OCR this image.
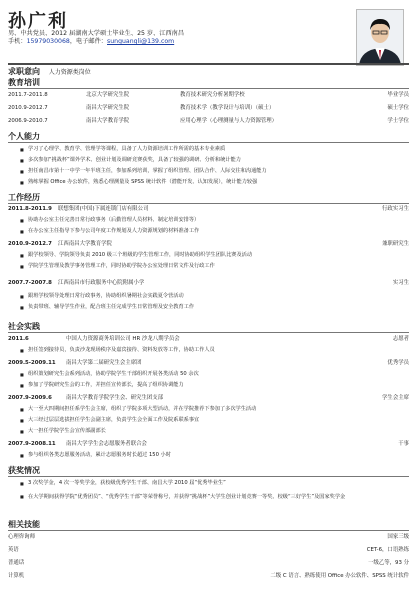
孙广利
男、中共党员、2012 届湖南大学硕士毕业生、25 岁、江西南昌
手机：15979030068，电子邮件：sunguangli@139.com
求职意向 人力资源类岗位
教育培训
2011.7-2011.8	北京大学研究生院	教育技术研究分析暑期学校	毕业学员
2010.9-2012.7	南昌大学研究生院	教育技术学（教学设计与培训）（硕士）	硕士学位
2006.9-2010.7	南昌大学教育学院	应用心理学（心理测量与人力资源管理）	学士学位
个人能力
■ 学习了心理学、教育学、管理学等课程，具备了人力资源培训工作所需的基本专业素质
■ 多次参加“挑战杯”课外学术、创业计划及调研竞赛获奖，具备了较强的调研、分析和统计能力
■ 担任南昌市第十一中学一年半班主任，参加系列培训，掌握了组织管理、团队合作、人际交往和沟通能力
■ 熟练掌握 Office 办公软件，熟悉心理测量及 SPSS 统计软件（潜能开发、认知发展），统计能力较强
工作经历
2011.8-2011.9 联想集团(中国)下属连锁门店有限公司	行政实习生
■ 协助办公室主任完善日常行政事务（后勤管理人员材料、制定培训安排等）
■ 在办公室主任指导下参与公司年度工作规划及人力资源规划的材料准备工作
2010.9-2012.7 江西南昌大学教育学院	兼职研究生
■ 跟学校领导、学院领导负责 2010 级三个班级的学生管理工作，同时协助组织学生团队比赛及活动
■ 学院学生管理及教学事务管理工作，同时协助学院办公室处理日常文件及行政工作
2007.7-2007.8 江西南昌市行政服务中心院附属小学	实习生
■ 跟班学校领导处理日常行政事务，协助组织暑期社会实践夏令营活动
■ 负责带班、辅导学生作业，配合班主任完成学生日常管理及安全教育工作
社会实践
2011.6	中国人力资源商务培训公司 HR 沙龙八期学员会	志愿者
■ 担任签到接待员，负责沙龙现场秩序及嘉宾接待、资料发放等工作，协助工作人员
2009.5-2009.11 南昌大学第二届研究生会主席团	优秀学员
■ 组织策划研究生会系列活动，协助学院学生干部组织开展各类活动 50 余次
■ 参加了学院研究生会的工作，并担任宣传部长，提高了组织协调能力
2007.9-2009.6	南昌大学教育学院学生会、研究生团支部	学生会主席
■ 大一至大四期间担任系学生会主席，组织了学院多项大型活动，并在学院推荐下参加了多次学生活动
■ 大三经过层层选拔担任学生会副主席，负责学生会全面工作及院系联系事宜
■ 大一担任学院学生会宣传部副部长
2007.9-2008.11 南昌大学学生会志愿服务者联合会	干事
■ 参与组织各类志愿服务活动，累计志愿服务时长超过 150 小时
获奖情况
■ 3 次奖学金，4 次一等奖学金，获校级优秀学生干部、南昌大学 2010 届“优秀毕业生”
■ 在大学期间获得学院“优秀团员”、“优秀学生干部”等荣誉称号，并获得“挑战杯”大学生创业计划竞赛一等奖、校级“三好学生”及国家奖学金
相关技能
心理咨询师	国家三级
英语	CET-6，口语熟练
普通话	一级乙等，93 分
计算机	二级 C 语言、熟练使用 Office 办公软件、SPSS 统计软件
